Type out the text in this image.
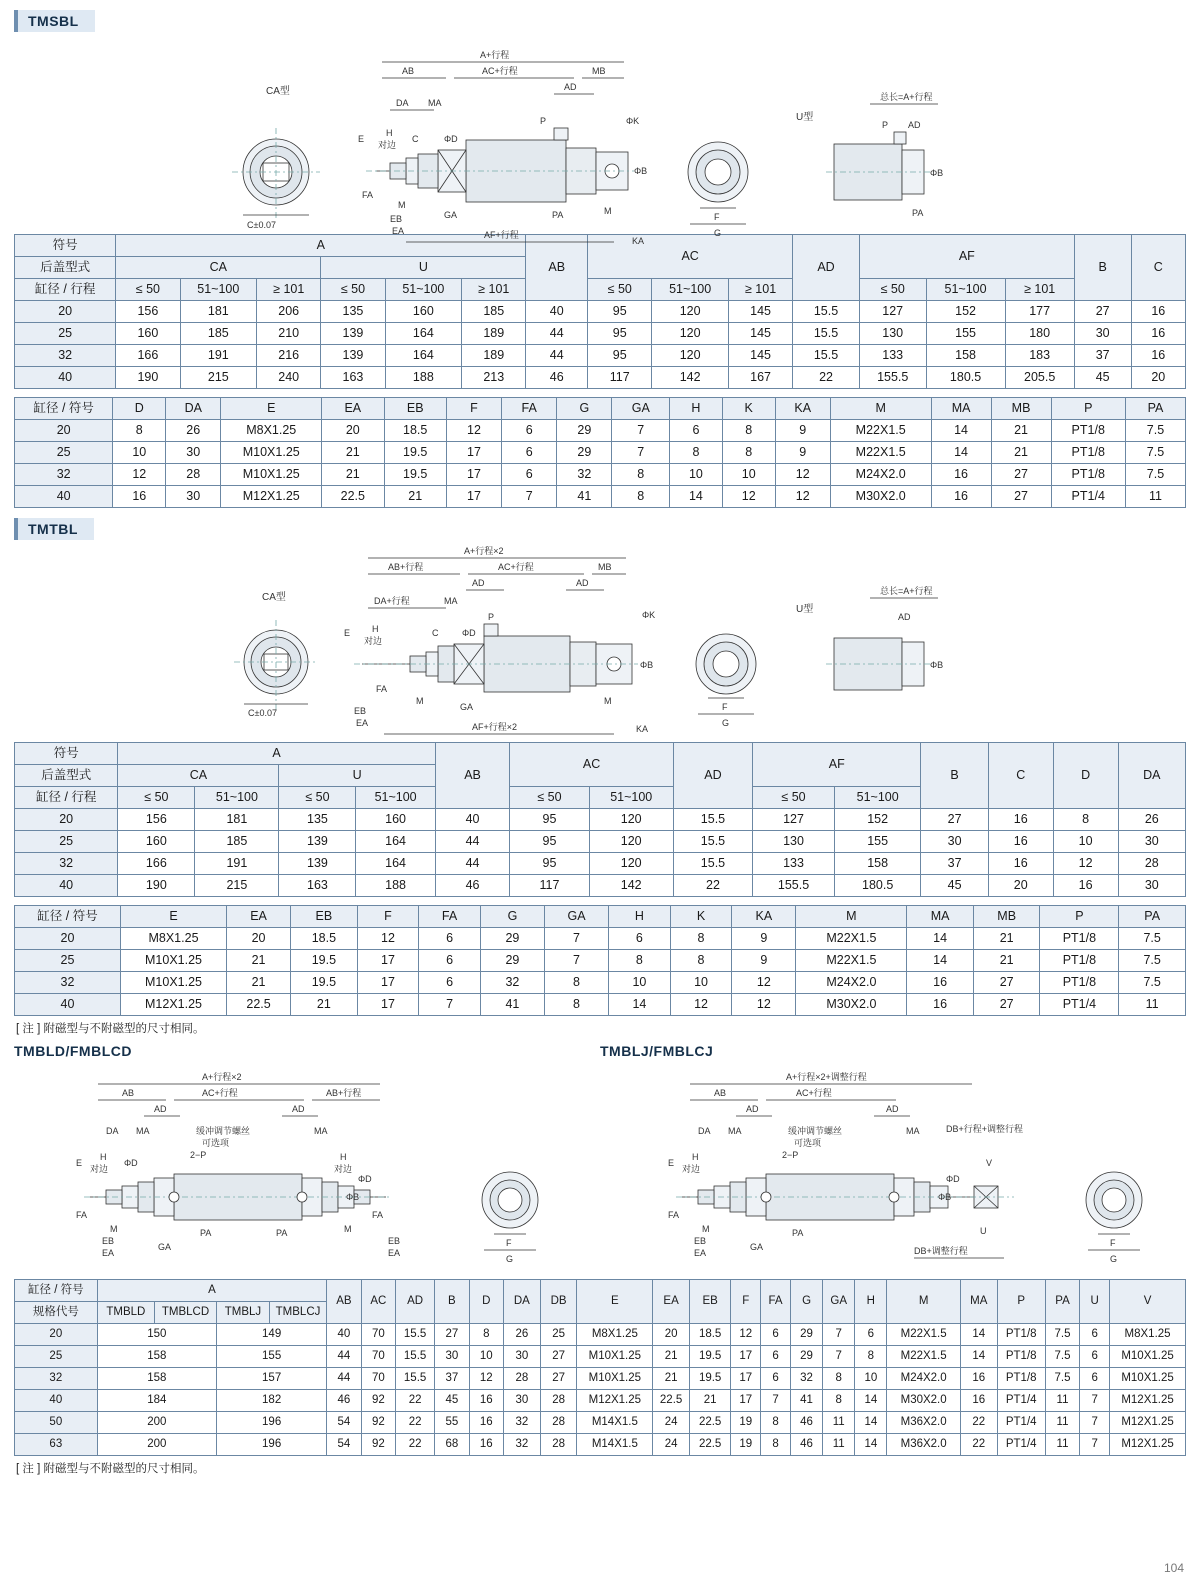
TMSBL
CA型
C±0.07
A+行程
AB	AC+行程	MB
AD
DA MA
P	ΦK
ΦB
E
H
对边
C	ΦD
FA
M
GA
EB
EA
PA	M
KA
AF+行程
F
G
U型
总长=A+行程
P AD
ΦB
PA
符号	A						AB	AC			AD	AF			B	C
后盖型式	CA			U												
缸径 / 行程	≤ 50	51~100	≥ 101	≤ 50	51~100	≥ 101		≤ 50	51~100	≥ 101		≤ 50	51~100	≥ 101		
20	156	181	206	135	160	185	40	95	120	145	15.5	127	152	177	27	16
25	160	185	210	139	164	189	44	95	120	145	15.5	130	155	180	30	16
32	166	191	216	139	164	189	44	95	120	145	15.5	133	158	183	37	16
40	190	215	240	163	188	213	46	117	142	167	22	155.5	180.5	205.5	45	20
缸径 / 符号	D	DA	E	EA	EB	F	FA	G	GA	H	K	KA	M	MA	MB	P	PA
20	8	26	M8X1.25	20	18.5	12	6	29	7	6	8	9	M22X1.5	14	21	PT1/8	7.5
25	10	30	M10X1.25	21	19.5	17	6	29	7	8	8	9	M22X1.5	14	21	PT1/8	7.5
32	12	28	M10X1.25	21	19.5	17	6	32	8	10	10	12	M24X2.0	16	27	PT1/8	7.5
40	16	30	M12X1.25	22.5	21	17	7	41	8	14	12	12	M30X2.0	16	27	PT1/4	11
TMTBL
CA型
C±0.07
A+行程×2
AB+行程	AC+行程	MB
AD	AD
DA+行程	MA
P	ΦK
ΦB
E H
对边
C	ΦD
FA
M
GA
EB
EA
M
KA
AF+行程×2
F
G
U型
总长=A+行程
AD
ΦB
符号	A				AB	AC		AD	AF		B	C	D	DA
后盖型式	CA		U											
缸径 / 行程	≤ 50	51~100	≤ 50	51~100		≤ 50	51~100		≤ 50	51~100				
20	156	181	135	160	40	95	120	15.5	127	152	27	16	8	26
25	160	185	139	164	44	95	120	15.5	130	155	30	16	10	30
32	166	191	139	164	44	95	120	15.5	133	158	37	16	12	28
40	190	215	163	188	46	117	142	22	155.5	180.5	45	20	16	30
缸径 / 符号	E	EA	EB	F	FA	G	GA	H	K	KA	M	MA	MB	P	PA
20	M8X1.25	20	18.5	12	6	29	7	6	8	9	M22X1.5	14	21	PT1/8	7.5
25	M10X1.25	21	19.5	17	6	29	7	8	8	9	M22X1.5	14	21	PT1/8	7.5
32	M10X1.25	21	19.5	17	6	32	8	10	10	12	M24X2.0	16	27	PT1/8	7.5
40	M12X1.25	22.5	21	17	7	41	8	14	12	12	M30X2.0	16	27	PT1/4	11
[ 注 ] 附磁型与不附磁型的尺寸相同。
TMBLD/FMBLCD	TMBLJ/FMBLCJ
A+行程×2
AB	AC+行程	AB+行程
AD	AD
DA MA	MA
缓冲调节螺丝
可选项
2−P
E
H
对边
H
对边
ΦD
ΦD
ΦB
FA	FA
M	M
EB	EB
EA	EA
GA
PA
PA
F
G
A+行程×2+调整行程
AB	AC+行程
AD	AD
DA MA	MA
缓冲调节螺丝
可选项
2−P
DB+行程+调整行程
E
H
对边
ΦD
ΦB
V
FA
M
EB
EA
GA
PA	U
DB+调整行程
F
G
缸径 / 符号	A				AB	AC	AD	B	D	DA	DB	E	EA	EB	F	FA	G	GA	H	M	MA	P	PA	U	V
规格代号	TMBLD	TMBLCD	TMBLJ	TMBLCJ																					
20	150		149		40	70	15.5	27	8	26	25	M8X1.25	20	18.5	12	6	29	7	6	M22X1.5	14	PT1/8	7.5	6	M8X1.25
25	158		155		44	70	15.5	30	10	30	27	M10X1.25	21	19.5	17	6	29	7	8	M22X1.5	14	PT1/8	7.5	6	M10X1.25
32	158		157		44	70	15.5	37	12	28	27	M10X1.25	21	19.5	17	6	32	8	10	M24X2.0	16	PT1/8	7.5	6	M10X1.25
40	184		182		46	92	22	45	16	30	28	M12X1.25	22.5	21	17	7	41	8	14	M30X2.0	16	PT1/4	11	7	M12X1.25
50	200		196		54	92	22	55	16	32	28	M14X1.5	24	22.5	19	8	46	11	14	M36X2.0	22	PT1/4	11	7	M12X1.25
63	200		196		54	92	22	68	16	32	28	M14X1.5	24	22.5	19	8	46	11	14	M36X2.0	22	PT1/4	11	7	M12X1.25
[ 注 ] 附磁型与不附磁型的尺寸相同。
104
